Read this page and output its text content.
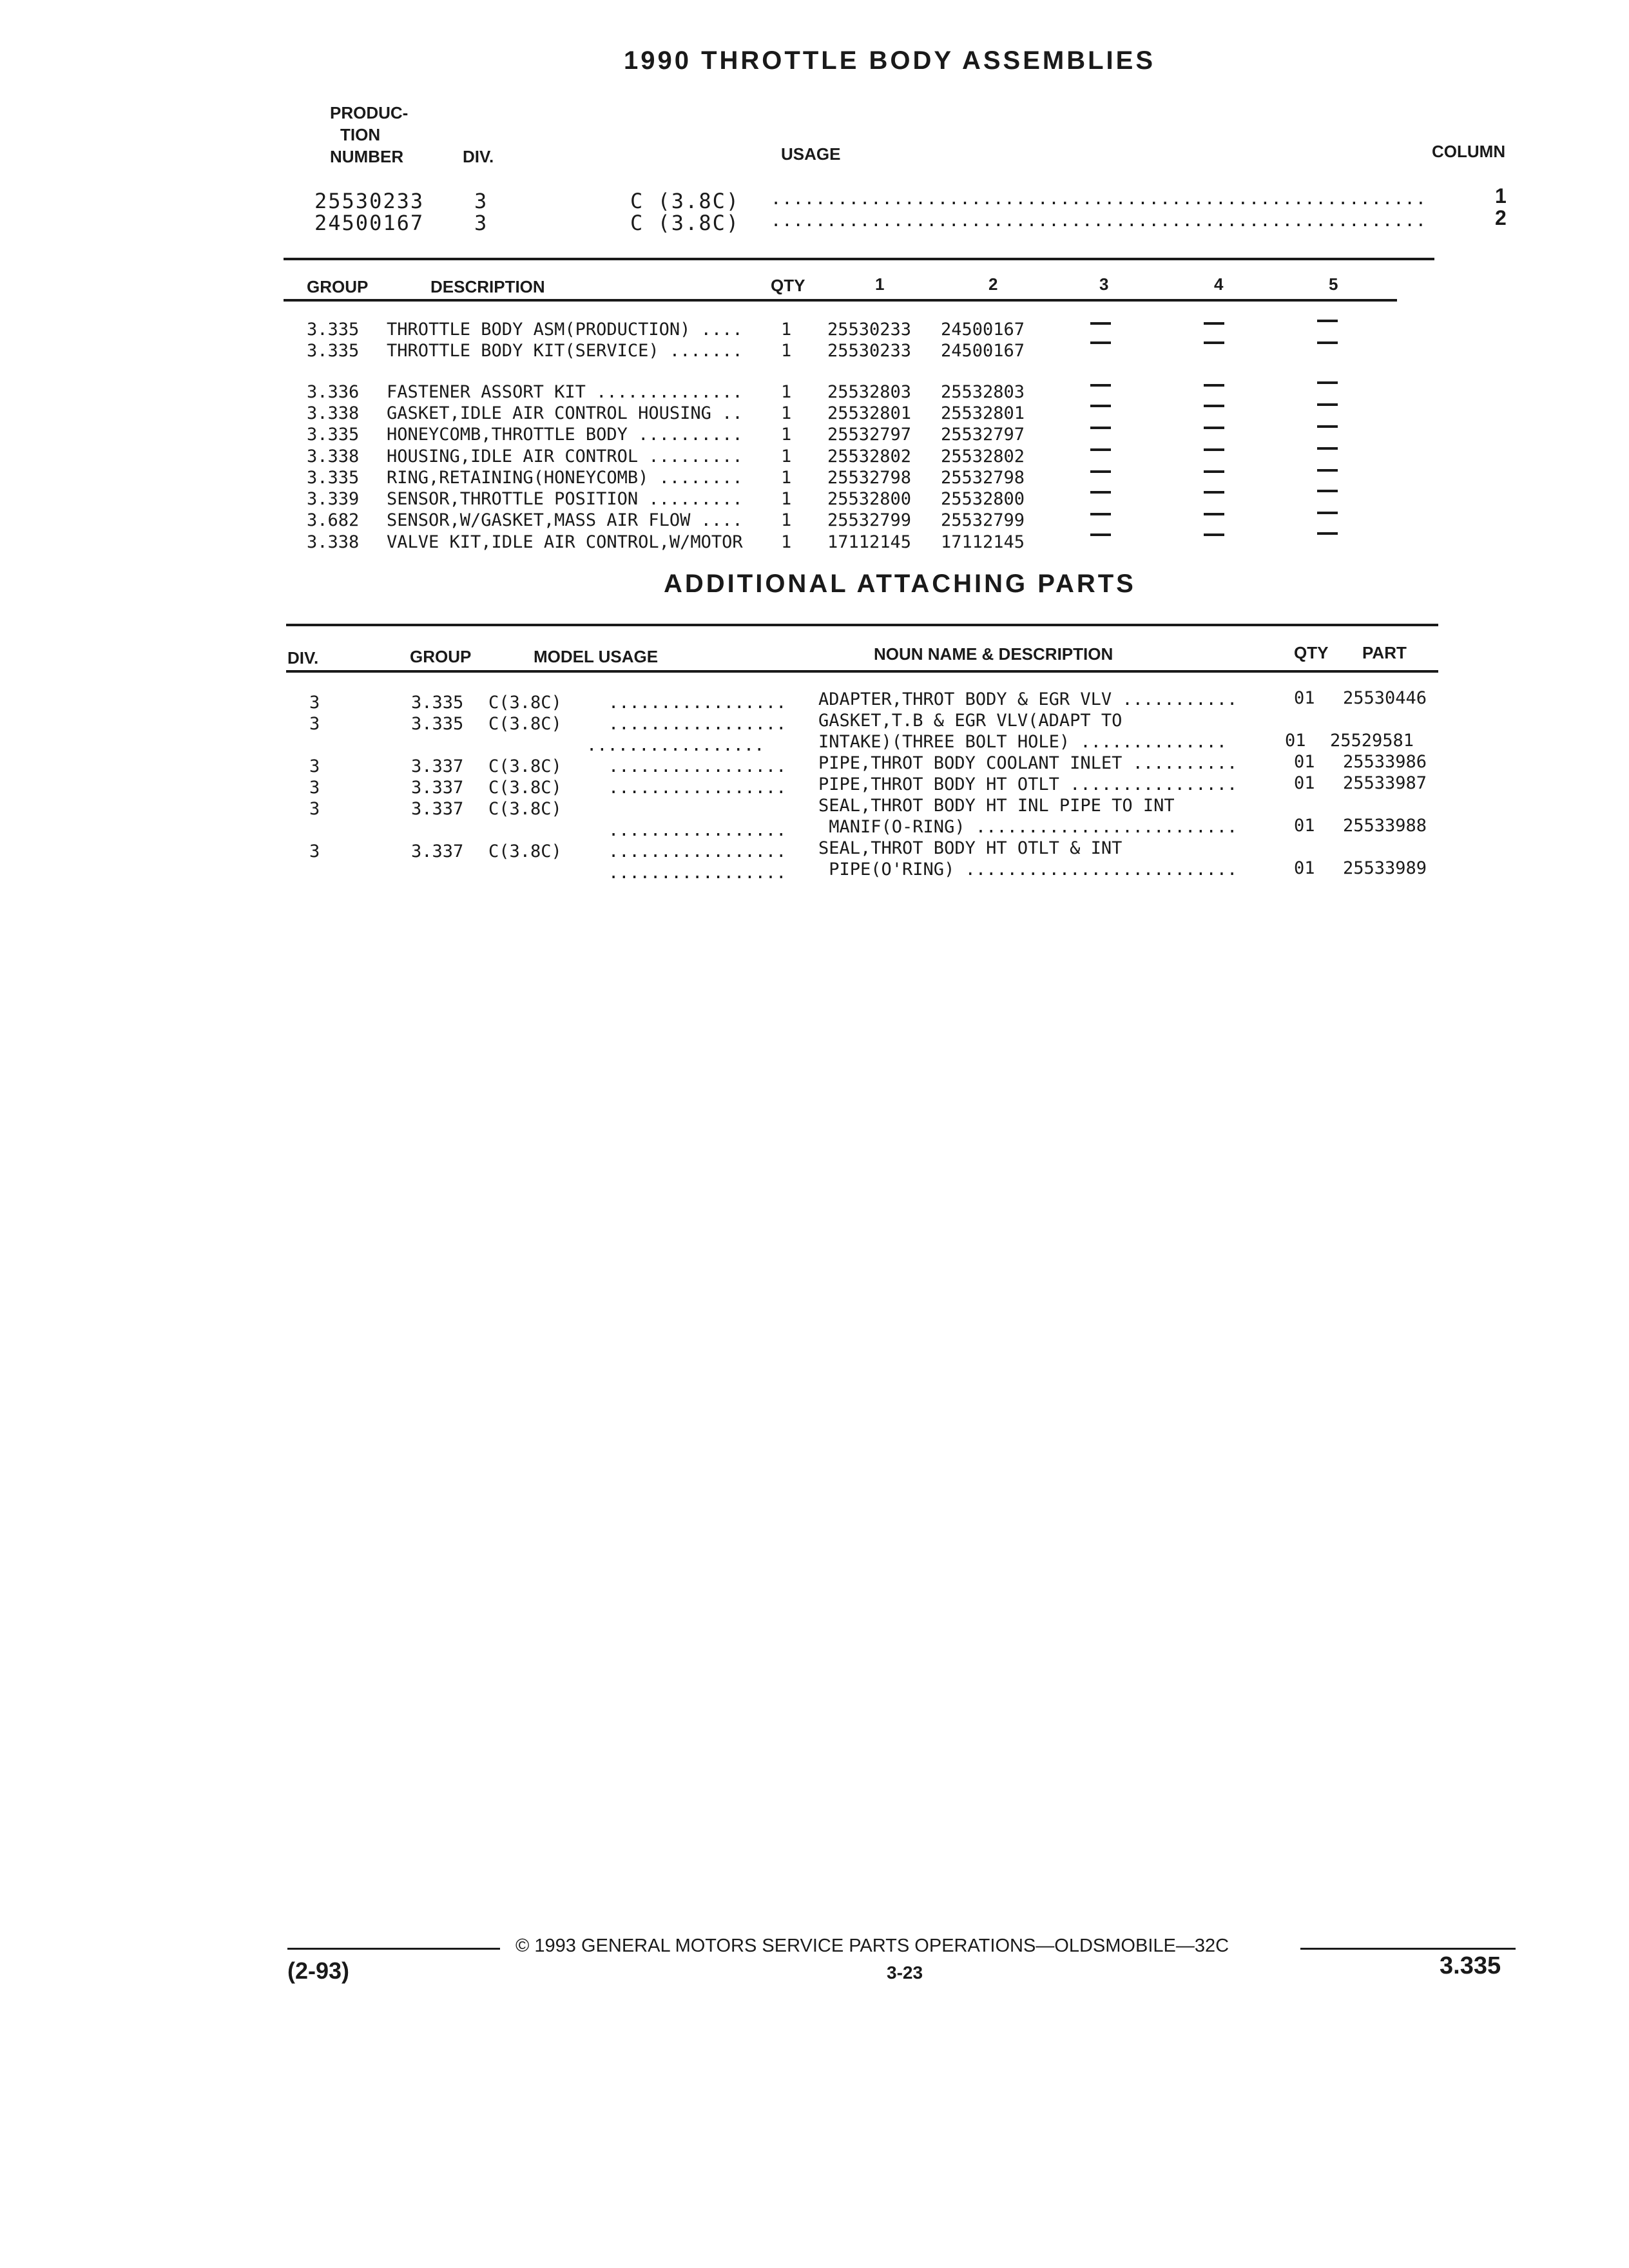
1990 THROTTLE BODY ASSEMBLIES
PRODUC-
TION
NUMBER	DIV.	USAGE	COLUMN
25530233 3	C (3.8C) ...........................................................	1
24500167 3	C (3.8C) ...........................................................	2
GROUP	DESCRIPTION	QTY	1	2	3	4	5
3.335 THROTTLE BODY ASM(PRODUCTION) .... 1 25530233 24500167
3.335 THROTTLE BODY KIT(SERVICE) ....... 1 25530233 24500167
3.336 FASTENER ASSORT KIT .............. 1 25532803 25532803
3.338 GASKET,IDLE AIR CONTROL HOUSING .. 1 25532801 25532801
3.335 HONEYCOMB,THROTTLE BODY .......... 1 25532797 25532797
3.338 HOUSING,IDLE AIR CONTROL ......... 1 25532802 25532802
3.335 RING,RETAINING(HONEYCOMB) ........ 1 25532798 25532798
3.339 SENSOR,THROTTLE POSITION ......... 1 25532800 25532800
3.682 SENSOR,W/GASKET,MASS AIR FLOW .... 1 25532799 25532799
3.338 VALVE KIT,IDLE AIR CONTROL,W/MOTOR 1 17112145 17112145
ADDITIONAL ATTACHING PARTS
DIV.	GROUP	MODEL USAGE	NOUN NAME & DESCRIPTION	QTY PART
3	3.335 C(3.8C)	................. ADAPTER,THROT BODY & EGR VLV ...........	01 25530446
3	3.335 C(3.8C)	................. GASKET,T.B & EGR VLV(ADAPT TO
.................	INTAKE)(THREE BOLT HOLE) ..............	01 25529581
3	3.337 C(3.8C)	................. PIPE,THROT BODY COOLANT INLET ..........	01 25533986
3	3.337 C(3.8C)	................. PIPE,THROT BODY HT OTLT ................	01 25533987
3	3.337 C(3.8C)	SEAL,THROT BODY HT INL PIPE TO INT
................. MANIF(O-RING) .........................	01 25533988
3	3.337 C(3.8C)	................. SEAL,THROT BODY HT OTLT & INT
................. PIPE(O'RING) ..........................	01 25533989
© 1993 GENERAL MOTORS SERVICE PARTS OPERATIONS—OLDSMOBILE—32C
(2-93)	3-23	3.335
